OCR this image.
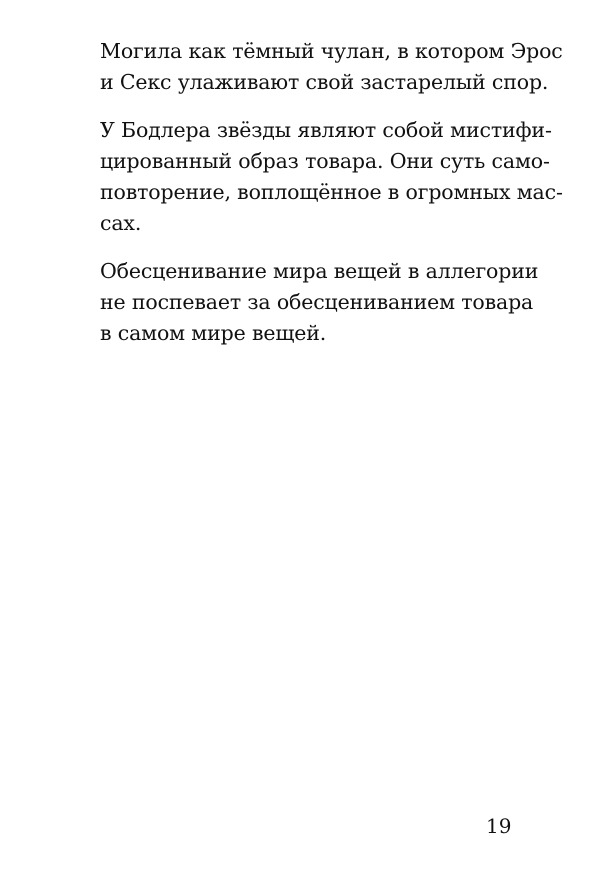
Могила как тёмный чулан, в котором Эрос
и Секс улаживают свой застарелый спор.

У Бодлера звёзды являют собой мистифи-
цированный образ товара. Они суть само-
повторение, воплощённое в огромных мас-
сах.

Обесценивание мира вещей в аллегории
не поспевает за обесцениванием товара
в самом мире вещей.

19
